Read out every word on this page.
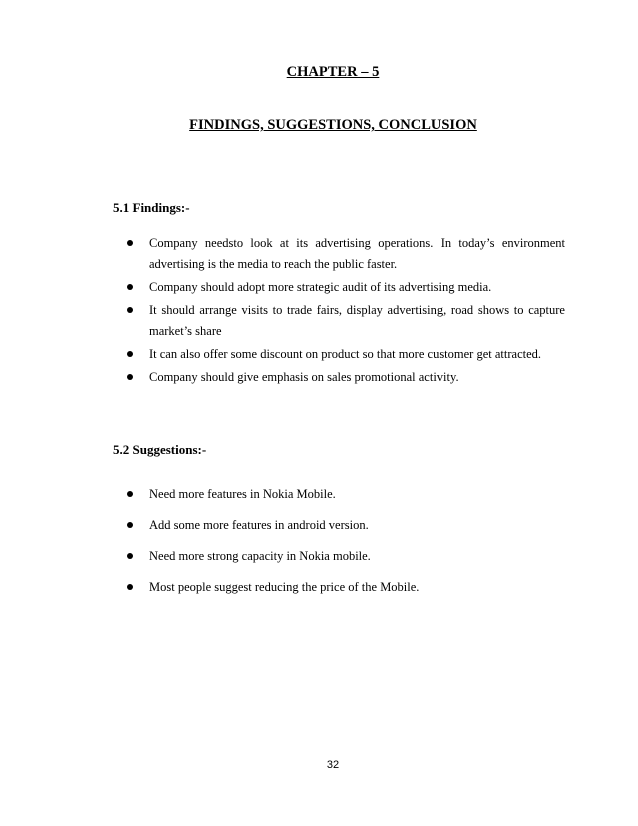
CHAPTER – 5
FINDINGS, SUGGESTIONS, CONCLUSION
5.1 Findings:-
Company needsto look at its advertising operations. In today’s environment advertising is the media to reach the public faster.
Company should adopt more strategic audit of its advertising media.
It should arrange visits to trade fairs, display advertising, road shows to capture market’s share
It can also offer some discount on product so that more customer get attracted.
Company should give emphasis on sales promotional activity.
5.2 Suggestions:-
Need more features in Nokia Mobile.
Add some more features in android version.
Need more strong capacity in Nokia mobile.
Most people suggest reducing the price of the Mobile.
32
